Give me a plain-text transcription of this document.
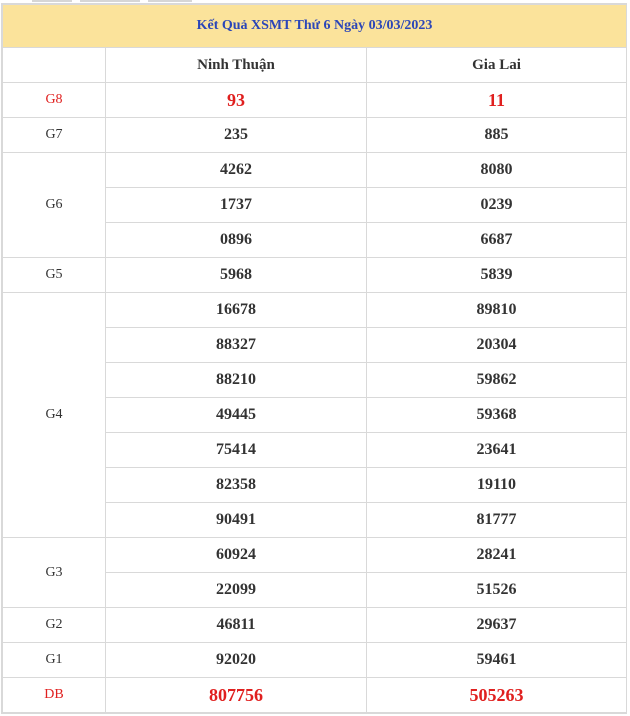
Kết Quả XSMT Thứ 6 Ngày 03/03/2023		
	Ninh Thuận	Gia Lai
G8	93	11
G7	235	885
G6	4262	8080
	1737	0239
	0896	6687
G5	5968	5839
G4	16678	89810
	88327	20304
	88210	59862
	49445	59368
	75414	23641
	82358	19110
	90491	81777
G3	60924	28241
	22099	51526
G2	46811	29637
G1	92020	59461
DB	807756	505263
